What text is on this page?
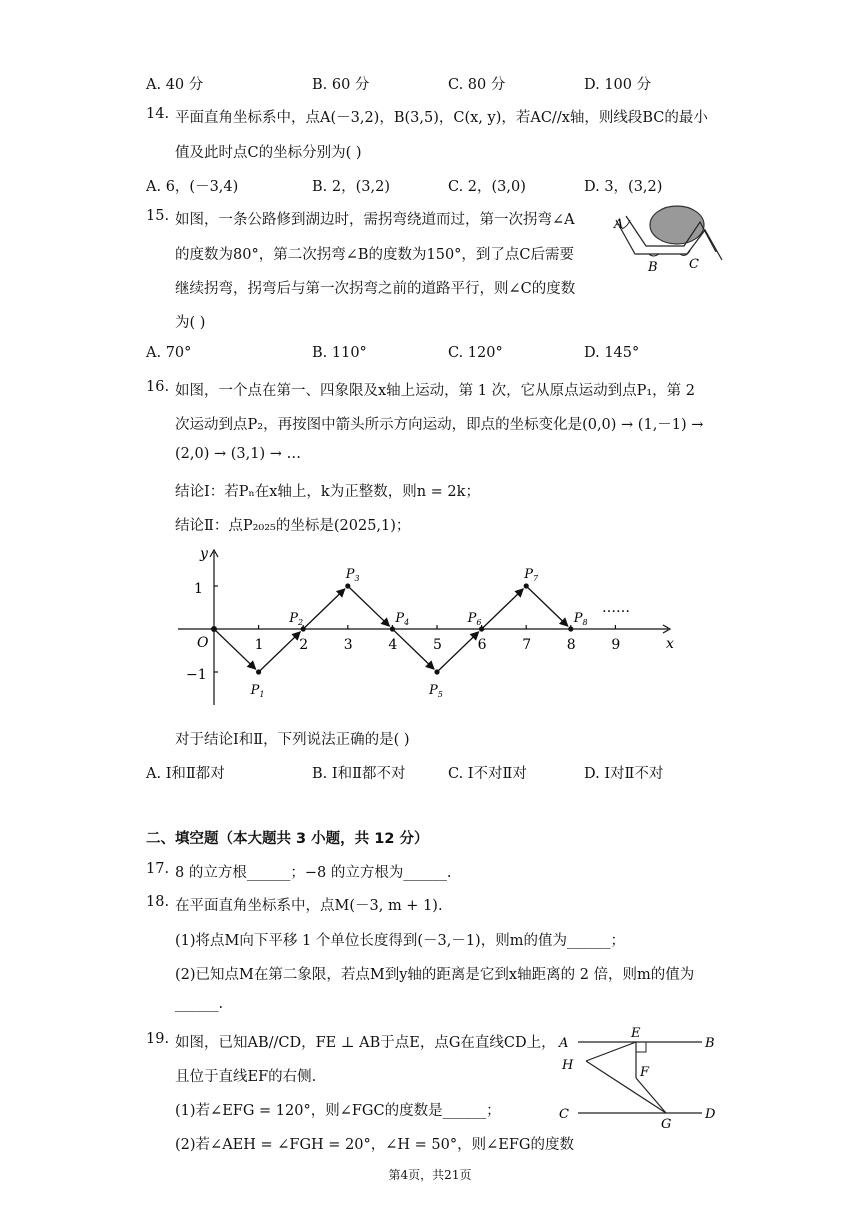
A. 40 分	B. 60 分	C. 80 分	D. 100 分
14. 平面直角坐标系中，点A(－3,2)，B(3,5)，C(x, y)，若AC//x轴，则线段BC的最小
值及此时点C的坐标分别为( )
A. 6，(－3,4)	B. 2，(3,2)	C. 2，(3,0)	D. 3，(3,2)
15. 如图，一条公路修到湖边时，需拐弯绕道而过，第一次拐弯∠A
的度数为80°，第二次拐弯∠B的度数为150°，到了点C后需要
继续拐弯，拐弯后与第一次拐弯之前的道路平行，则∠C的度数
为( )
A
B C
A. 70°	B. 110°	C. 120°	D. 145°
16. 如图，一个点在第一、四象限及x轴上运动，第 1 次，它从原点运动到点P₁，第 2
次运动到点P₂，再按图中箭头所示方向运动，即点的坐标变化是(0,0) → (1,－1) →
(2,0) → (3,1) → …
结论Ⅰ：若Pₙ在x轴上，k为正整数，则n = 2k；
结论Ⅱ：点P₂₀₂₅的坐标是(2025,1)；
y
x
O
1
−1
1	2	3	4	5	6	7	8	9
$P_1$
$P_2$
$P_3$
$P_4$
$P_5$
$P_6$
$P_7$
$P_8$
……
对于结论Ⅰ和Ⅱ，下列说法正确的是( )
A. Ⅰ和Ⅱ都对	B. Ⅰ和Ⅱ都不对	C. Ⅰ不对Ⅱ对	D. Ⅰ对Ⅱ不对
二、填空题（本大题共 3 小题，共 12 分）
17. 8 的立方根______；−8 的立方根为______.
18. 在平面直角坐标系中，点M(－3, m + 1).
(1)将点M向下平移 1 个单位长度得到(－3,－1)，则m的值为______；
(2)已知点M在第二象限，若点M到y轴的距离是它到x轴距离的 2 倍，则m的值为
______.
19. 如图，已知AB//CD，FE ⊥ AB于点E，点G在直线CD上，
且位于直线EF的右侧.
(1)若∠EFG = 120°，则∠FGC的度数是______；
(2)若∠AEH = ∠FGH = 20°，∠H = 50°，则∠EFG的度数
A
E
B
H	F
C
G
D
第4页，共21页
